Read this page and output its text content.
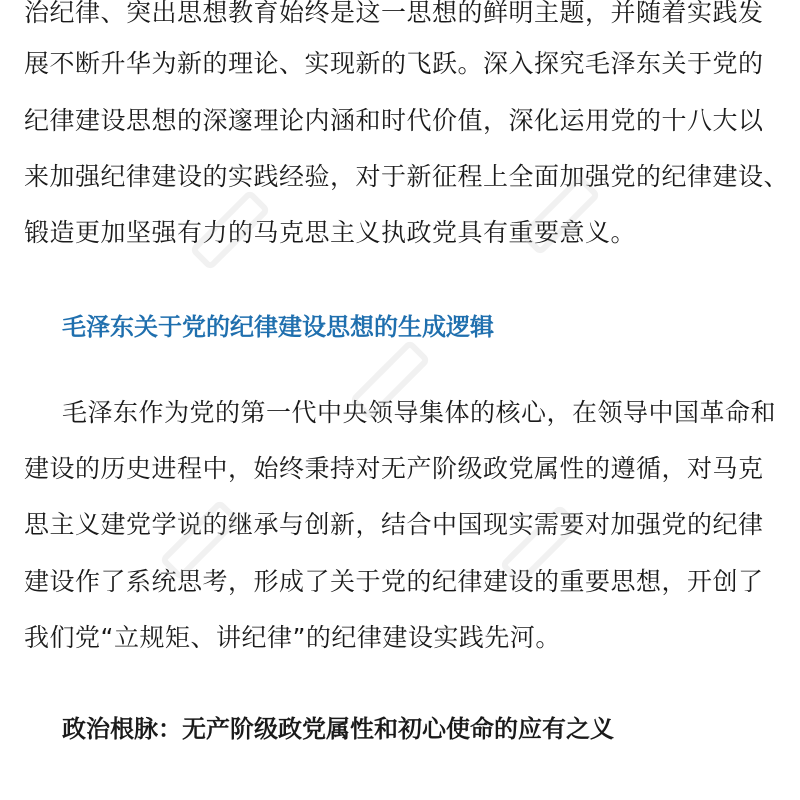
治纪律、突出思想教育始终是这一思想的鲜明主题，并随着实践发
展不断升华为新的理论、实现新的飞跃。深入探究毛泽东关于党的
纪律建设思想的深邃理论内涵和时代价值，深化运用党的十八大以
来加强纪律建设的实践经验，对于新征程上全面加强党的纪律建设、
锻造更加坚强有力的马克思主义执政党具有重要意义。
毛泽东关于党的纪律建设思想的生成逻辑
毛泽东作为党的第一代中央领导集体的核心，在领导中国革命和
建设的历史进程中，始终秉持对无产阶级政党属性的遵循，对马克
思主义建党学说的继承与创新，结合中国现实需要对加强党的纪律
建设作了系统思考，形成了关于党的纪律建设的重要思想，开创了
我们党“立规矩、讲纪律”的纪律建设实践先河。
政治根脉：无产阶级政党属性和初心使命的应有之义
